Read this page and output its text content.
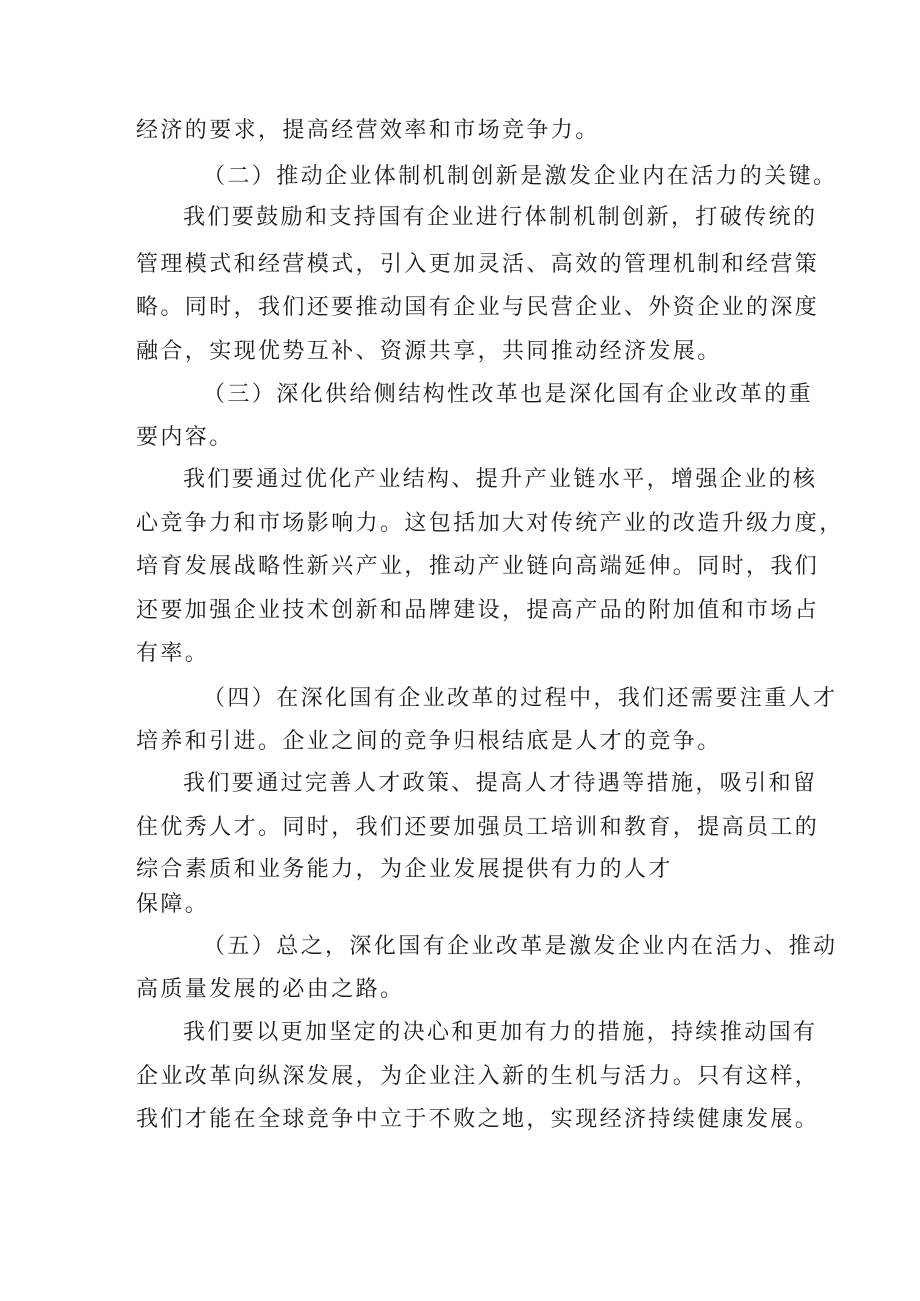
经济的要求，提高经营效率和市场竞争力。
（二）推动企业体制机制创新是激发企业内在活力的关键。
我们要鼓励和支持国有企业进行体制机制创新，打破传统的
管理模式和经营模式，引入更加灵活、高效的管理机制和经营策
略。同时，我们还要推动国有企业与民营企业、外资企业的深度
融合，实现优势互补、资源共享，共同推动经济发展。
（三）深化供给侧结构性改革也是深化国有企业改革的重
要内容。
我们要通过优化产业结构、提升产业链水平，增强企业的核
心竞争力和市场影响力。这包括加大对传统产业的改造升级力度，
培育发展战略性新兴产业，推动产业链向高端延伸。同时，我们
还要加强企业技术创新和品牌建设，提高产品的附加值和市场占
有率。
（四）在深化国有企业改革的过程中，我们还需要注重人才
培养和引进。企业之间的竞争归根结底是人才的竞争。
我们要通过完善人才政策、提高人才待遇等措施，吸引和留
住优秀人才。同时，我们还要加强员工培训和教育，提高员工的
综合素质和业务能力，为企业发展提供有力的人才
保障。
（五）总之，深化国有企业改革是激发企业内在活力、推动
高质量发展的必由之路。
我们要以更加坚定的决心和更加有力的措施，持续推动国有
企业改革向纵深发展，为企业注入新的生机与活力。只有这样，
我们才能在全球竞争中立于不败之地，实现经济持续健康发展。
